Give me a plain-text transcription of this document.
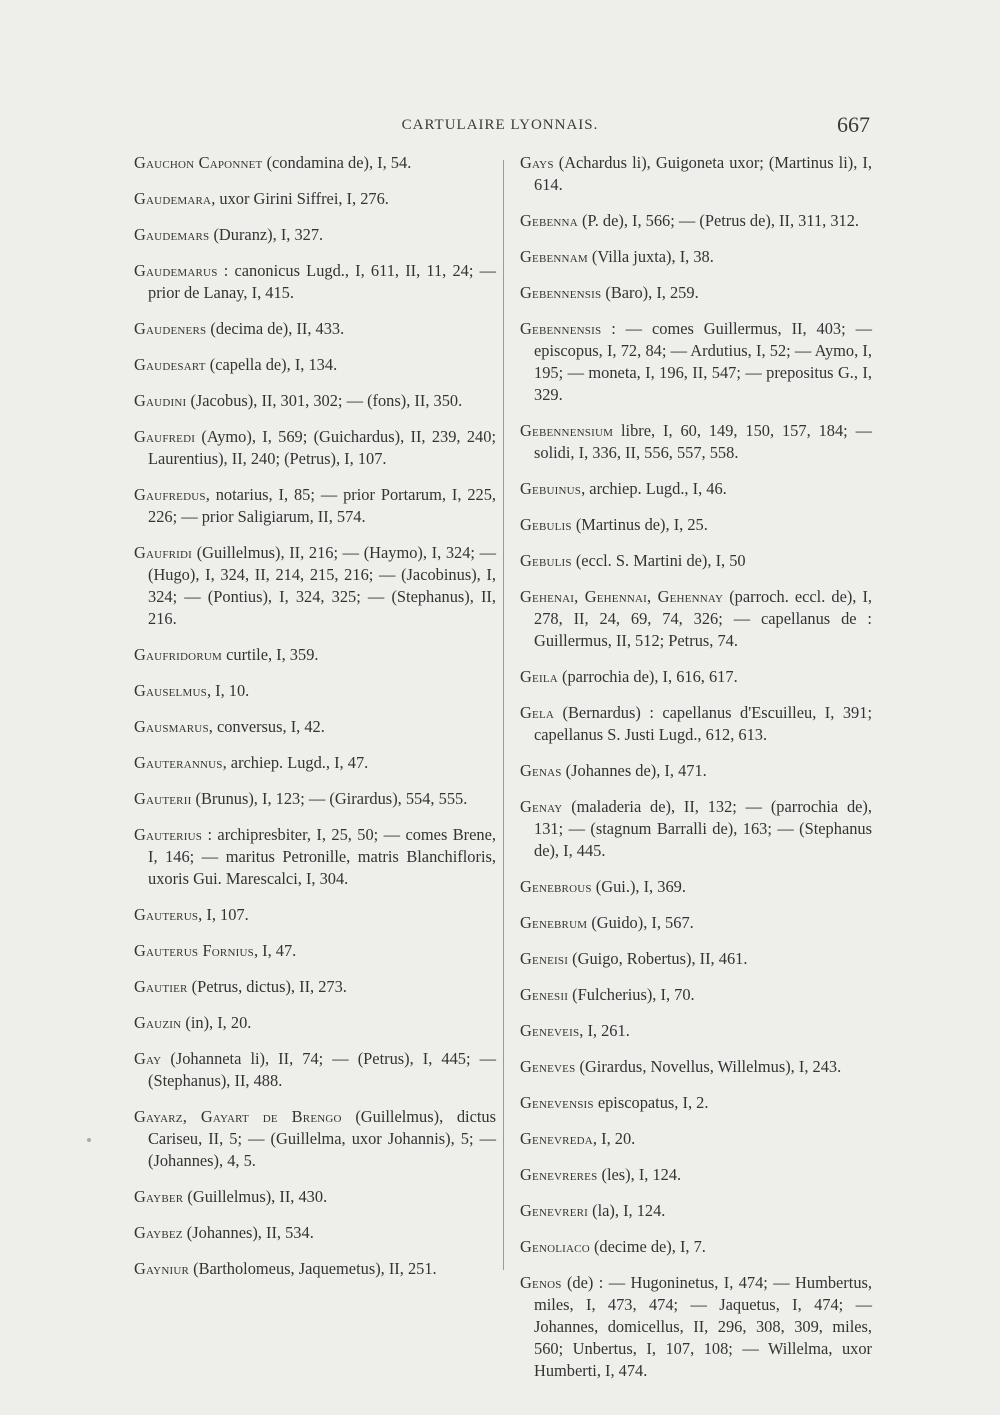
CARTULAIRE LYONNAIS.	667

Gauchon Caponnet (condamina de), I, 54.

Gaudemara, uxor Girini Siffrei, I, 276.

Gaudemars (Duranz), I, 327.

Gaudemarus : canonicus Lugd., I, 611, II, 11, 24; — prior de Lanay, I, 415.

Gaudeners (decima de), II, 433.

Gaudesart (capella de), I, 134.

Gaudini (Jacobus), II, 301, 302; — (fons), II, 350.

Gaufredi (Aymo), I, 569; (Guichardus), II, 239, 240; Laurentius), II, 240; (Petrus), I, 107.

Gaufredus, notarius, I, 85; — prior Portarum, I, 225, 226; — prior Saligiarum, II, 574.

Gaufridi (Guillelmus), II, 216; — (Haymo), I, 324; — (Hugo), I, 324, II, 214, 215, 216; — (Jacobinus), I, 324; — (Pontius), I, 324, 325; — (Stephanus), II, 216.

Gaufridorum curtile, I, 359.

Gauselmus, I, 10.

Gausmarus, conversus, I, 42.

Gauterannus, archiep. Lugd., I, 47.

Gauterii (Brunus), I, 123; — (Girardus), 554, 555.

Gauterius : archipresbiter, I, 25, 50; — comes Brene, I, 146; — maritus Petronille, matris Blanchifloris, uxoris Gui. Marescalci, I, 304.

Gauterus, I, 107.

Gauterus Fornius, I, 47.

Gautier (Petrus, dictus), II, 273.

Gauzin (in), I, 20.

Gay (Johanneta li), II, 74; — (Petrus), I, 445; — (Stephanus), II, 488.

Gayarz, Gayart de Brengo (Guillelmus), dictus Cariseu, II, 5; — (Guillelma, uxor Johannis), 5; — (Johannes), 4, 5.

Gayber (Guillelmus), II, 430.

Gaybez (Johannes), II, 534.

Gayniur (Bartholomeus, Jaquemetus), II, 251.

Gays (Achardus li), Guigoneta uxor; (Martinus li), I, 614.

Gebenna (P. de), I, 566; — (Petrus de), II, 311, 312.

Gebennam (Villa juxta), I, 38.

Gebennensis (Baro), I, 259.

Gebennensis : — comes Guillermus, II, 403; — episcopus, I, 72, 84; — Ardutius, I, 52; — Aymo, I, 195; — moneta, I, 196, II, 547; — prepositus G., I, 329.

Gebennensium libre, I, 60, 149, 150, 157, 184; — solidi, I, 336, II, 556, 557, 558.

Gebuinus, archiep. Lugd., I, 46.

Gebulis (Martinus de), I, 25.

Gebulis (eccl. S. Martini de), I, 50

Gehenai, Gehennai, Gehennay (parroch. eccl. de), I, 278, II, 24, 69, 74, 326; — capellanus de : Guillermus, II, 512; Petrus, 74.

Geila (parrochia de), I, 616, 617.

Gela (Bernardus) : capellanus d'Escuilleu, I, 391; capellanus S. Justi Lugd., 612, 613.

Genas (Johannes de), I, 471.

Genay (maladeria de), II, 132; — (parrochia de), 131; — (stagnum Barralli de), 163; — (Stephanus de), I, 445.

Genebrous (Gui.), I, 369.

Genebrum (Guido), I, 567.

Geneisi (Guigo, Robertus), II, 461.

Genesii (Fulcherius), I, 70.

Geneveis, I, 261.

Geneves (Girardus, Novellus, Willelmus), I, 243.

Genevensis episcopatus, I, 2.

Genevreda, I, 20.

Genevreres (les), I, 124.

Genevreri (la), I, 124.

Genoliaco (decime de), I, 7.

Genos (de) : — Hugoninetus, I, 474; — Humbertus, miles, I, 473, 474; — Jaquetus, I, 474; — Johannes, domicellus, II, 296, 308, 309, miles, 560; Unbertus, I, 107, 108; — Willelma, uxor Humberti, I, 474.
